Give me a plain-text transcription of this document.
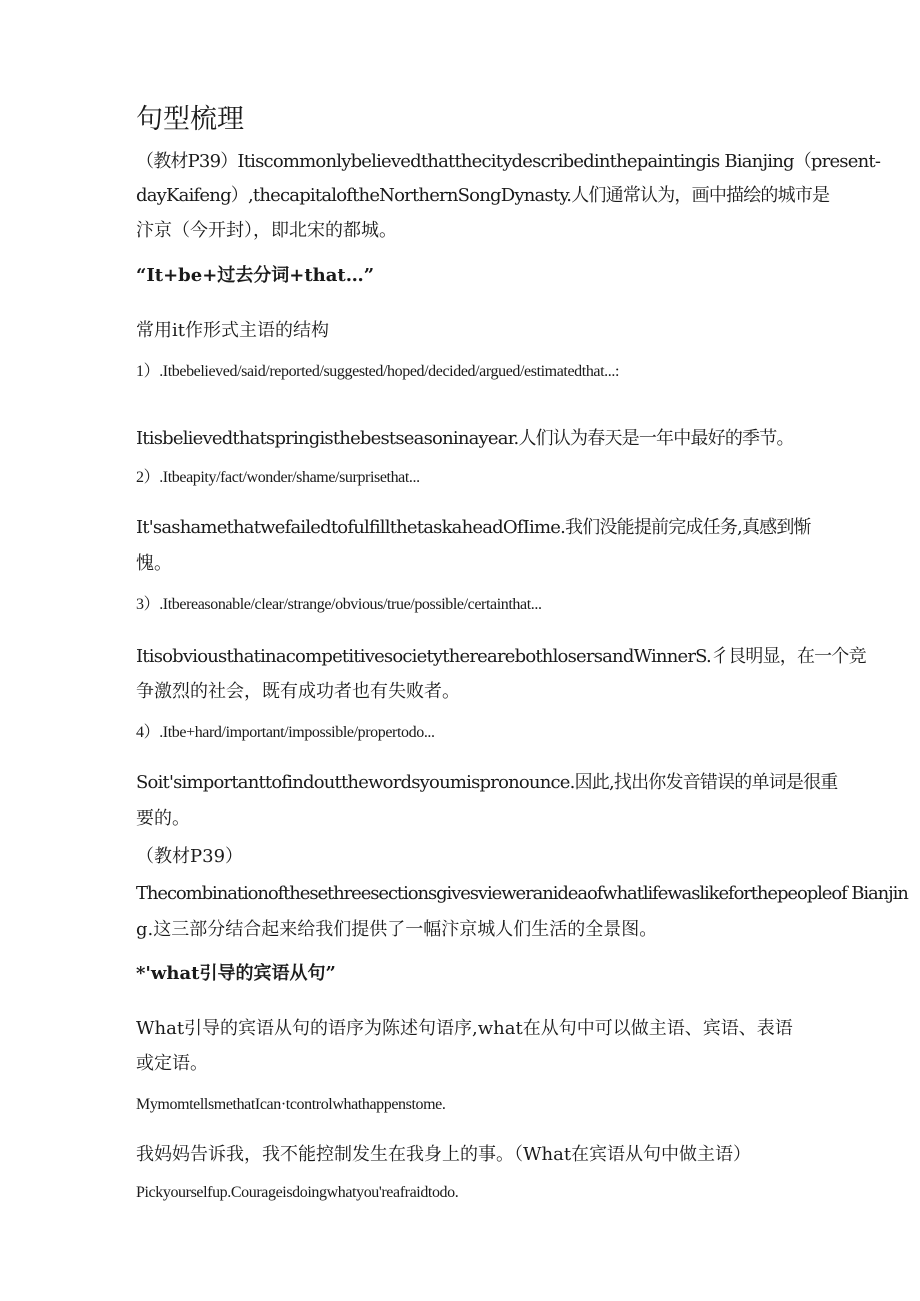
句型梳理
（教材P39）Itiscommonlybelievedthatthecitydescribedinthepaintingis Bianjing（present-
dayKaifeng）,thecapitaloftheNorthernSongDynasty.人们通常认为，画中描绘的城市是
汴京（今开封），即北宋的都城。
“It+be+过去分词+that…”
常用it作形式主语的结构
1）.Itbebelieved/said/reported/suggested/hoped/decided/argued/estimatedthat...:
Itisbelievedthatspringisthebestseasoninayear.人们认为春天是一年中最好的季节。
2）.Itbeapity/fact/wonder/shame/surprisethat...
It'sashamethatwefailedtofulfillthetaskaheadOfIime.我们没能提前完成任务,真感到惭
愧。
3）.Itbereasonable/clear/strange/obvious/true/possible/certainthat...
ItisobviousthatinacompetitivesocietytherearebothlosersandWinnerS.彳艮明显，在一个竞
争激烈的社会，既有成功者也有失败者。
4）.Itbe+hard/important/impossible/propertodo...
Soit'simportanttofindoutthewordsyoumispronounce.因此,找出你发音错误的单词是很重
要的。
（教材P39）
Thecombinationofthesethreesectionsgivesvieweranideaofwhatlifewaslikeforthepeopleof Bianjin
g.这三部分结合起来给我们提供了一幅汴京城人们生活的全景图。
*'what引导的宾语从句”
What引导的宾语从句的语序为陈述句语序,what在从句中可以做主语、宾语、表语
或定语。
MymomtellsmethatIcan·tcontrolwhathappenstome.
我妈妈告诉我，我不能控制发生在我身上的事。（What在宾语从句中做主语）
Pickyourselfup.Courageisdoingwhatyou'reafraidtodo.
